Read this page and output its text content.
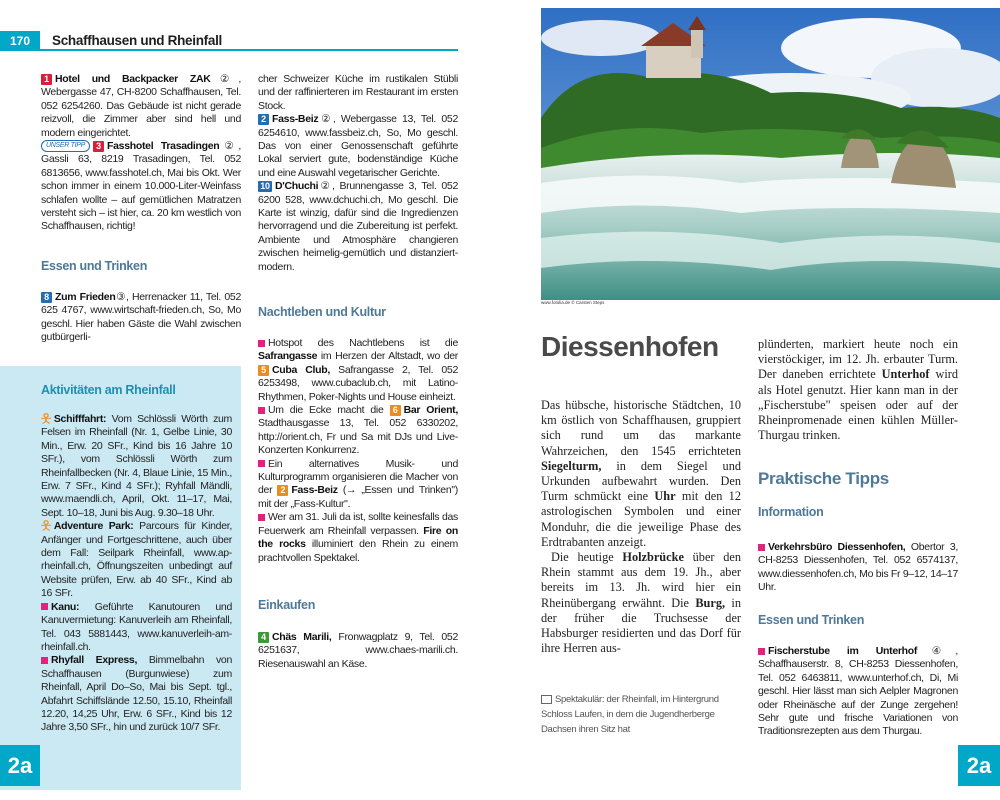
170	Schaffhausen und Rheinfall

1 Hotel und Backpacker ZAK②, Webergasse 47, CH-8200 Schaffhausen, Tel. 052 6254260. Das Gebäude ist nicht gerade reizvoll, die Zimmer aber sind hell und modern eingerichtet.

UNSER TIPP 3 Fasshotel Trasadingen②, Gassli 63, 8219 Trasadingen, Tel. 052 6813656, www.fasshotel.ch, Mai bis Okt. Wer schon immer in einem 10.000-Liter-Weinfass schlafen wollte – auf gemütlichen Matratzen versteht sich – ist hier, ca. 20 km westlich von Schaffhausen, richtig!

Essen und Trinken

8 Zum Frieden③, Herrenacker 11, Tel. 052 625 4767, www.wirtschaft-frieden.ch, So, Mo geschl. Hier haben Gäste die Wahl zwischen gutbürgerli-

Aktivitäten am Rheinfall

웃 Schifffahrt: Vom Schlössli Wörth zum Felsen im Rheinfall (Nr. 1, Gelbe Linie, 30 Min., Erw. 20 SFr., Kind bis 16 Jahre 10 SFr.), vom Schlössli Wörth zum Rheinfallbecken (Nr. 4, Blaue Linie, 15 Min., Erw. 7 SFr., Kind 4 SFr.); Ryhfall Mändli, www.maendli.ch, April, Okt. 11–17, Mai, Sept. 10–18, Juni bis Aug. 9.30–18 Uhr.

웃 Adventure Park: Parcours für Kinder, Anfänger und Fortgeschrittene, auch über dem Fall: Seilpark Rheinfall, www.ap-rheinfall.ch, Öffnungszeiten unbedingt auf Website prüfen, Erw. ab 40 SFr., Kind ab 16 SFr.

Kanu: Geführte Kanutouren und Kanuvermietung: Kanuverleih am Rheinfall, Tel. 043 5881443, www.kanuverleih-am-rheinfall.ch.

Rhyfall Express, Bimmelbahn von Schaffhausen (Burgunwiese) zum Rheinfall, April Do–So, Mai bis Sept. tgl., Abfahrt Schiffsländе 12.50, 15.10, Rheinfall 12.20, 14,25 Uhr, Erw. 6 SFr., Kind bis 12 Jahre 3,50 SFr., hin und zurück 10/7 SFr.

2a

cher Schweizer Küche im rustikalen Stübli und der raffinierteren im Restaurant im ersten Stock.

2 Fass-Beiz②, Webergasse 13, Tel. 052 6254610, www.fassbeiz.ch, So, Mo geschl. Das von einer Genossenschaft geführte Lokal serviert gute, bodenständige Küche und eine Auswahl vegetarischer Gerichte.

10 D'Chuchi②, Brunnengasse 3, Tel. 052 6200 528, www.dchuchi.ch, Mo geschl. Die Karte ist winzig, dafür sind die Ingredienzen hervorragend und die Zubereitung ist perfekt. Ambiente und Atmosphäre changieren zwischen heimelig-gemütlich und distanziert-modern.

Nachtleben und Kultur

Hotspot des Nachtlebens ist die Safrangasse im Herzen der Altstadt, wo der 5 Cuba Club, Safrangasse 2, Tel. 052 6253498, www.cubaclub.ch, mit Latino-Rhythmen, Poker-Nights und House einheizt.

Um die Ecke macht die 6 Bar Orient, Stadthausgasse 13, Tel. 052 6330202, http://orient.ch, Fr und Sa mit DJs und Live-Konzerten Konkurrenz.

Ein alternatives Musik- und Kulturprogramm organisieren die Macher von der 2 Fass-Beiz (→ „Essen und Trinken") mit der „Fass-Kultur".

Wer am 31. Juli da ist, sollte keinesfalls das Feuerwerk am Rheinfall verpassen. Fire on the rocks illuminiert den Rhein zu einem prachtvollen Spektakel.

Einkaufen

4 Chäs Marili, Fronwagplatz 9, Tel. 052 6251637, www.chaes-marili.ch. Riesenauswahl an Käse.

www.fotolia.de © Carsten Steps
Diessenhofen

Das hübsche, historische Städtchen, 10 km östlich von Schaffhausen, gruppiert sich rund um das markante Wahrzeichen, den 1545 errichteten Siegelturm, in dem Siegel und Urkunden aufbewahrt wurden. Den Turm schmückt eine Uhr mit den 12 astrologischen Symbolen und einer Monduhr, die die jeweilige Phase des Erdtrabanten anzeigt.

Die heutige Holzbrücke über den Rhein stammt aus dem 19. Jh., aber bereits im 13. Jh. wird hier ein Rheinübergang erwähnt. Die Burg, in der früher die Truchsesse der Habsburger residierten und das Dorf für ihre Herren aus-

Spektakulär: der Rheinfall, im Hintergrund Schloss Laufen, in dem die Jugendherberge Dachsen ihren Sitz hat

plünderten, markiert heute noch ein vierstöckiger, im 12. Jh. erbauter Turm. Der daneben errichtete Unterhof wird als Hotel genutzt. Hier kann man in der „Fischerstube" speisen oder auf der Rheinpromenade einen kühlen Müller-Thurgau trinken.

Praktische Tipps
Information

Verkehrsbüro Diessenhofen, Obertor 3, CH-8253 Diessenhofen, Tel. 052 6574137, www.diessenhofen.ch, Mo bis Fr 9–12, 14–17 Uhr.

Essen und Trinken

Fischerstube im Unterhof④, Schaffhauserstr. 8, CH-8253 Diessenhofen, Tel. 052 6463811, www.unterhof.ch, Di, Mi geschl. Hier lässt man sich Aelpler Magronen oder Rheinäsche auf der Zunge zergehen! Sehr gute und frische Variationen von Traditionsrezepten aus dem Thurgau.

2a
